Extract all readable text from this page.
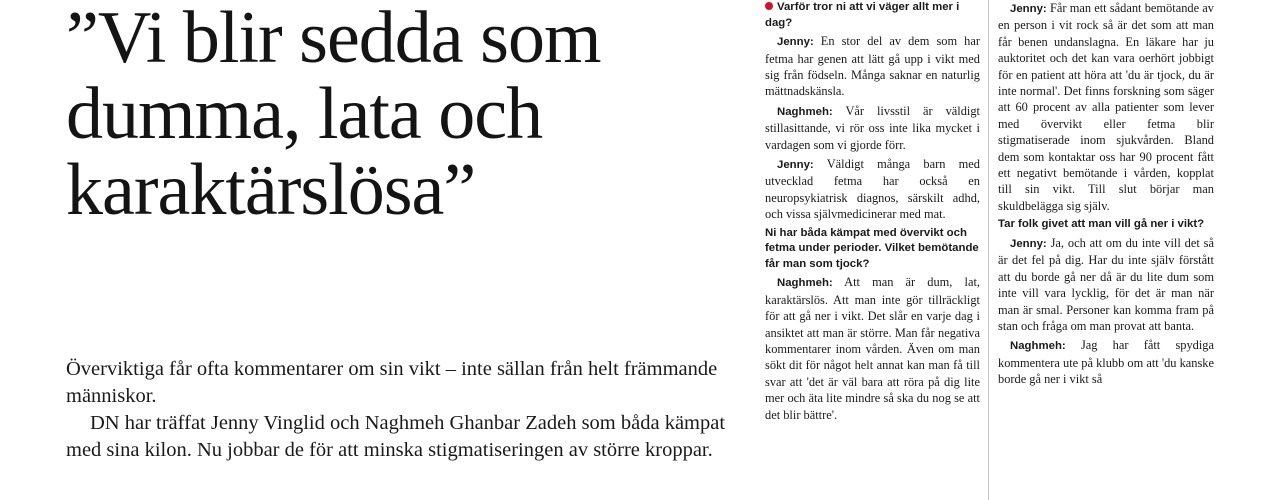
”Vi blir sedda som
dumma, lata och
karaktärslösa”

Överviktiga får ofta kommentarer om sin vikt – inte sällan från helt främmande människor.

DN har träffat Jenny Vinglid och Naghmeh Ghanbar Zadeh som båda kämpat med sina kilon. Nu jobbar de för att minska stigmatiseringen av större kroppar.

Varför tror ni att vi väger allt mer i dag?

Jenny: En stor del av dem som har fetma har genen att lätt gå upp i vikt med sig från födseln. Många saknar en naturlig mättnadskänsla.

Naghmeh: Vår livsstil är väldigt stillasittande, vi rör oss inte lika mycket i vardagen som vi gjorde förr.

Jenny: Väldigt många barn med utvecklad fetma har också en neuropsykiatrisk diagnos, särskilt adhd, och vissa självmedicinerar med mat.

Ni har båda kämpat med övervikt och fetma under perioder. Vilket bemötande får man som tjock?

Naghmeh: Att man är dum, lat, karaktärslös. Att man inte gör tillräckligt för att gå ner i vikt. Det slår en varje dag i ansiktet att man är större. Man får negativa kommentarer inom vården. Även om man sökt dit för något helt annat kan man få till svar att 'det är väl bara att röra på dig lite mer och äta lite mindre så ska du nog se att det blir bättre'.

Jenny: Får man ett sådant bemötande av en person i vit rock så är det som att man får benen undanslagna. En läkare har ju auktoritet och det kan vara oerhört jobbigt för en patient att höra att 'du är tjock, du är inte normal'. Det finns forskning som säger att 60 procent av alla patienter som lever med övervikt eller fetma blir stigmatiserade inom sjukvården. Bland dem som kontaktar oss har 90 procent fått ett negativt bemötande i vården, kopplat till sin vikt. Till slut börjar man skuldbelägga sig själv.

Tar folk givet att man vill gå ner i vikt?

Jenny: Ja, och att om du inte vill det så är det fel på dig. Har du inte själv förstått att du borde gå ner då är du lite dum som inte vill vara lycklig, för det är man när man är smal. Personer kan komma fram på stan och fråga om man provat att banta.

Naghmeh: Jag har fått spydiga kommentera ute på klubb om att 'du kanske borde gå ner i vikt så
